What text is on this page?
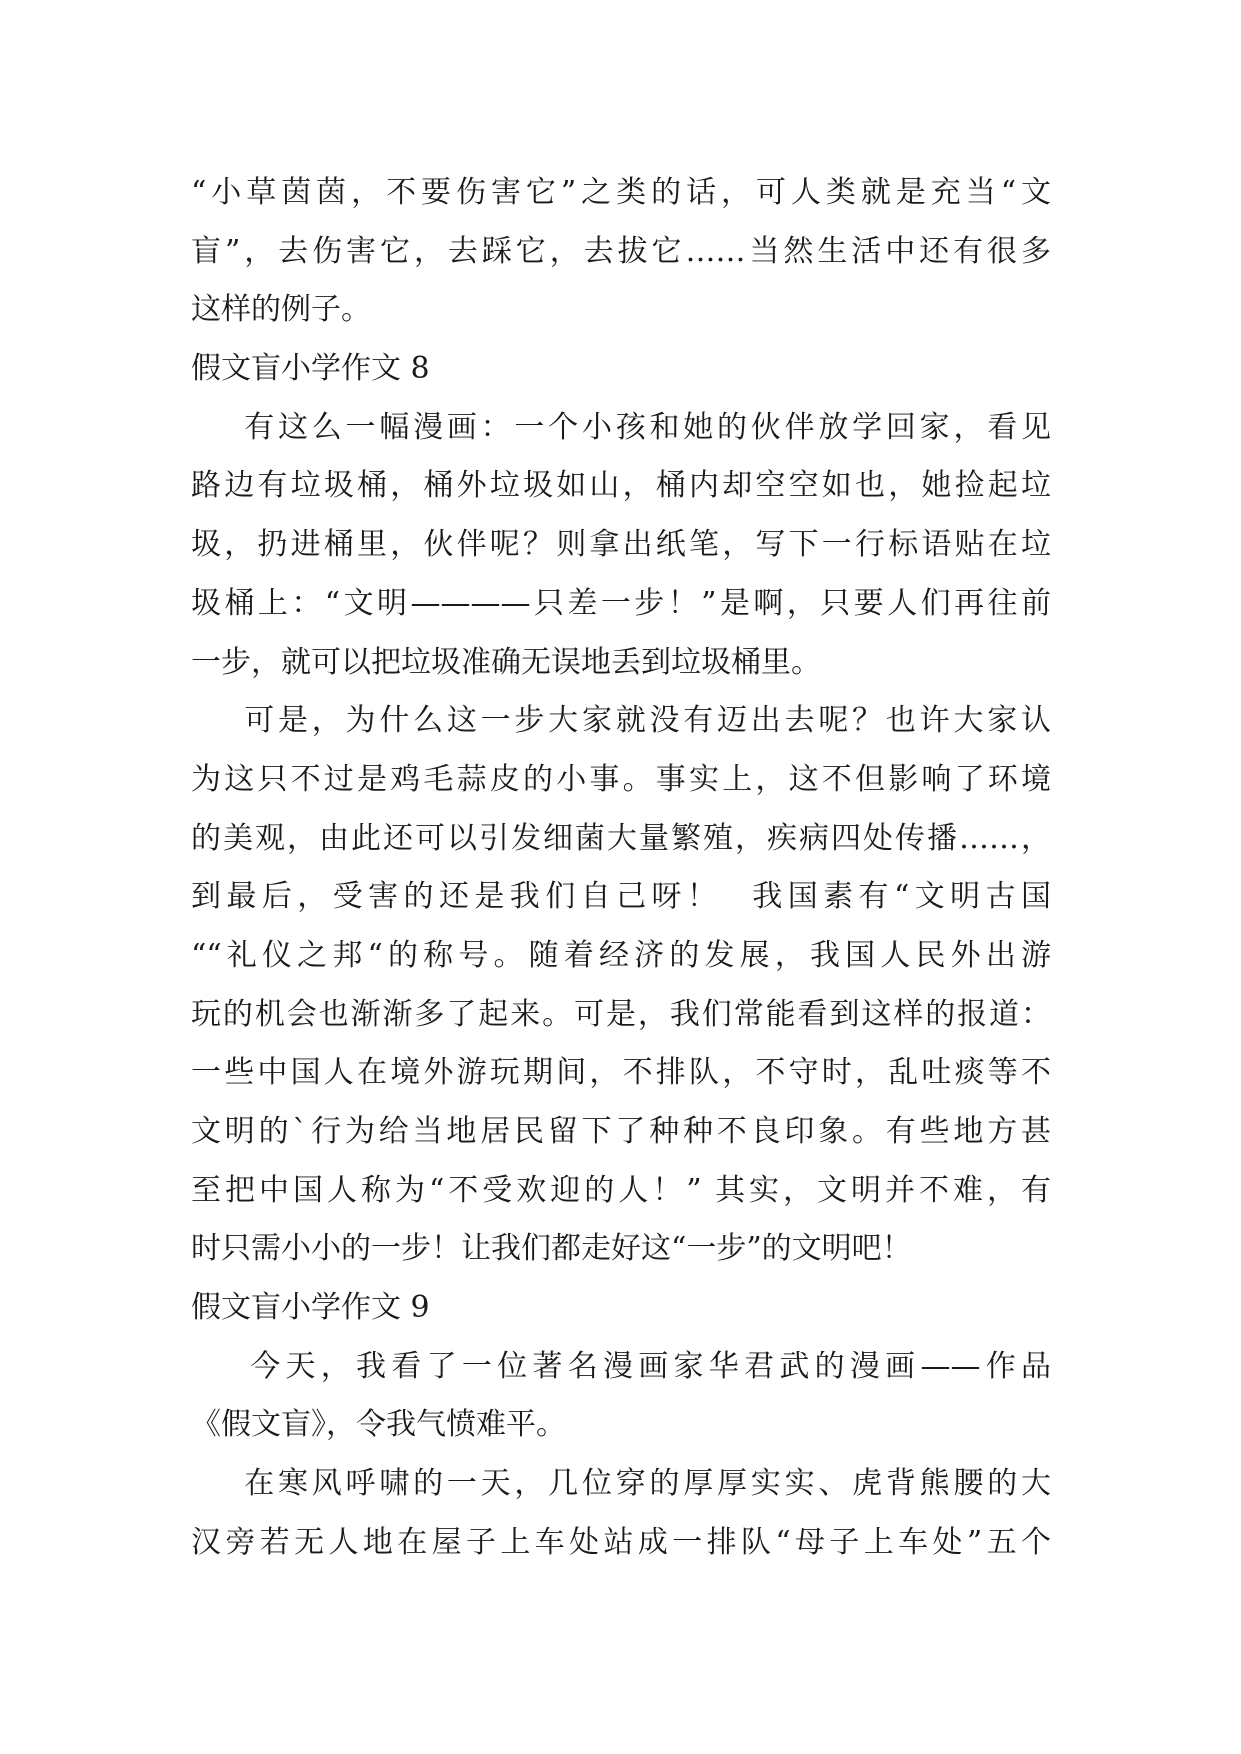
“小草茵茵，不要伤害它”之类的话，可人类就是充当“文
盲”，去伤害它，去踩它，去拔它……当然生活中还有很多
这样的例子。
假文盲小学作文 8
有这么一幅漫画：一个小孩和她的伙伴放学回家，看见
路边有垃圾桶，桶外垃圾如山，桶内却空空如也，她捡起垃
圾，扔进桶里，伙伴呢？则拿出纸笔，写下一行标语贴在垃
圾桶上：“文明————只差一步！”是啊，只要人们再往前
一步，就可以把垃圾准确无误地丢到垃圾桶里。
可是，为什么这一步大家就没有迈出去呢？也许大家认
为这只不过是鸡毛蒜皮的小事。事实上，这不但影响了环境
的美观，由此还可以引发细菌大量繁殖，疾病四处传播……，
到最后，受害的还是我们自己呀！  我国素有“文明古国
““礼仪之邦“的称号。随着经济的发展，我国人民外出游
玩的机会也渐渐多了起来。可是，我们常能看到这样的报道：
一些中国人在境外游玩期间，不排队，不守时，乱吐痰等不
文明的`行为给当地居民留下了种种不良印象。有些地方甚
至把中国人称为“不受欢迎的人！” 其实，文明并不难，有
时只需小小的一步！让我们都走好这“一步”的文明吧！
假文盲小学作文 9
今天，我看了一位著名漫画家华君武的漫画——作品
《假文盲》，令我气愤难平。
在寒风呼啸的一天，几位穿的厚厚实实、虎背熊腰的大
汉旁若无人地在屋子上车处站成一排队“母子上车处”五个
